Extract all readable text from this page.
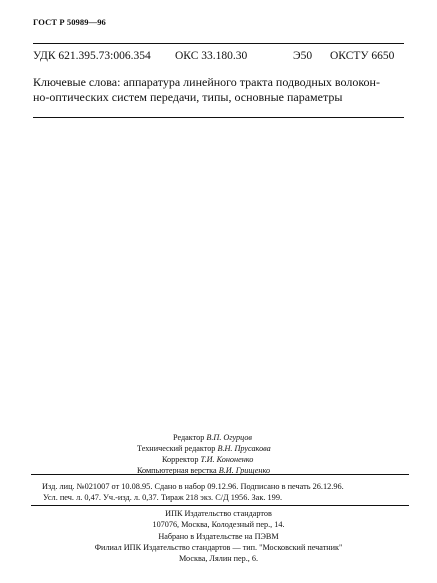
ГОСТ Р 50989—96
УДК 621.395.73:006.354 ОКС 33.180.30	Э50 ОКСТУ 6650
Ключевые слова: аппаратура линейного тракта подводных волокон-
но-оптических систем передачи, типы, основные параметры
Редактор В.П. Огурцов
Технический редактор В.Н. Прусакова
Корректор Т.И. Кононенко
Компьютерная верстка В.И. Грищенко
Изд. лиц. №021007 от 10.08.95. Сдано в набор 09.12.96. Подписано в печать 26.12.96.
Усл. печ. л. 0,47. Уч.-изд. л. 0,37. Тираж 218 экз. С/Д 1956. Зак. 199.
ИПК Издательство стандартов
107076, Москва, Колодезный пер., 14.
Набрано в Издательстве на ПЭВМ
Филиал ИПК Издательство стандартов — тип. "Московский печатник"
Москва, Лялин пер., 6.
